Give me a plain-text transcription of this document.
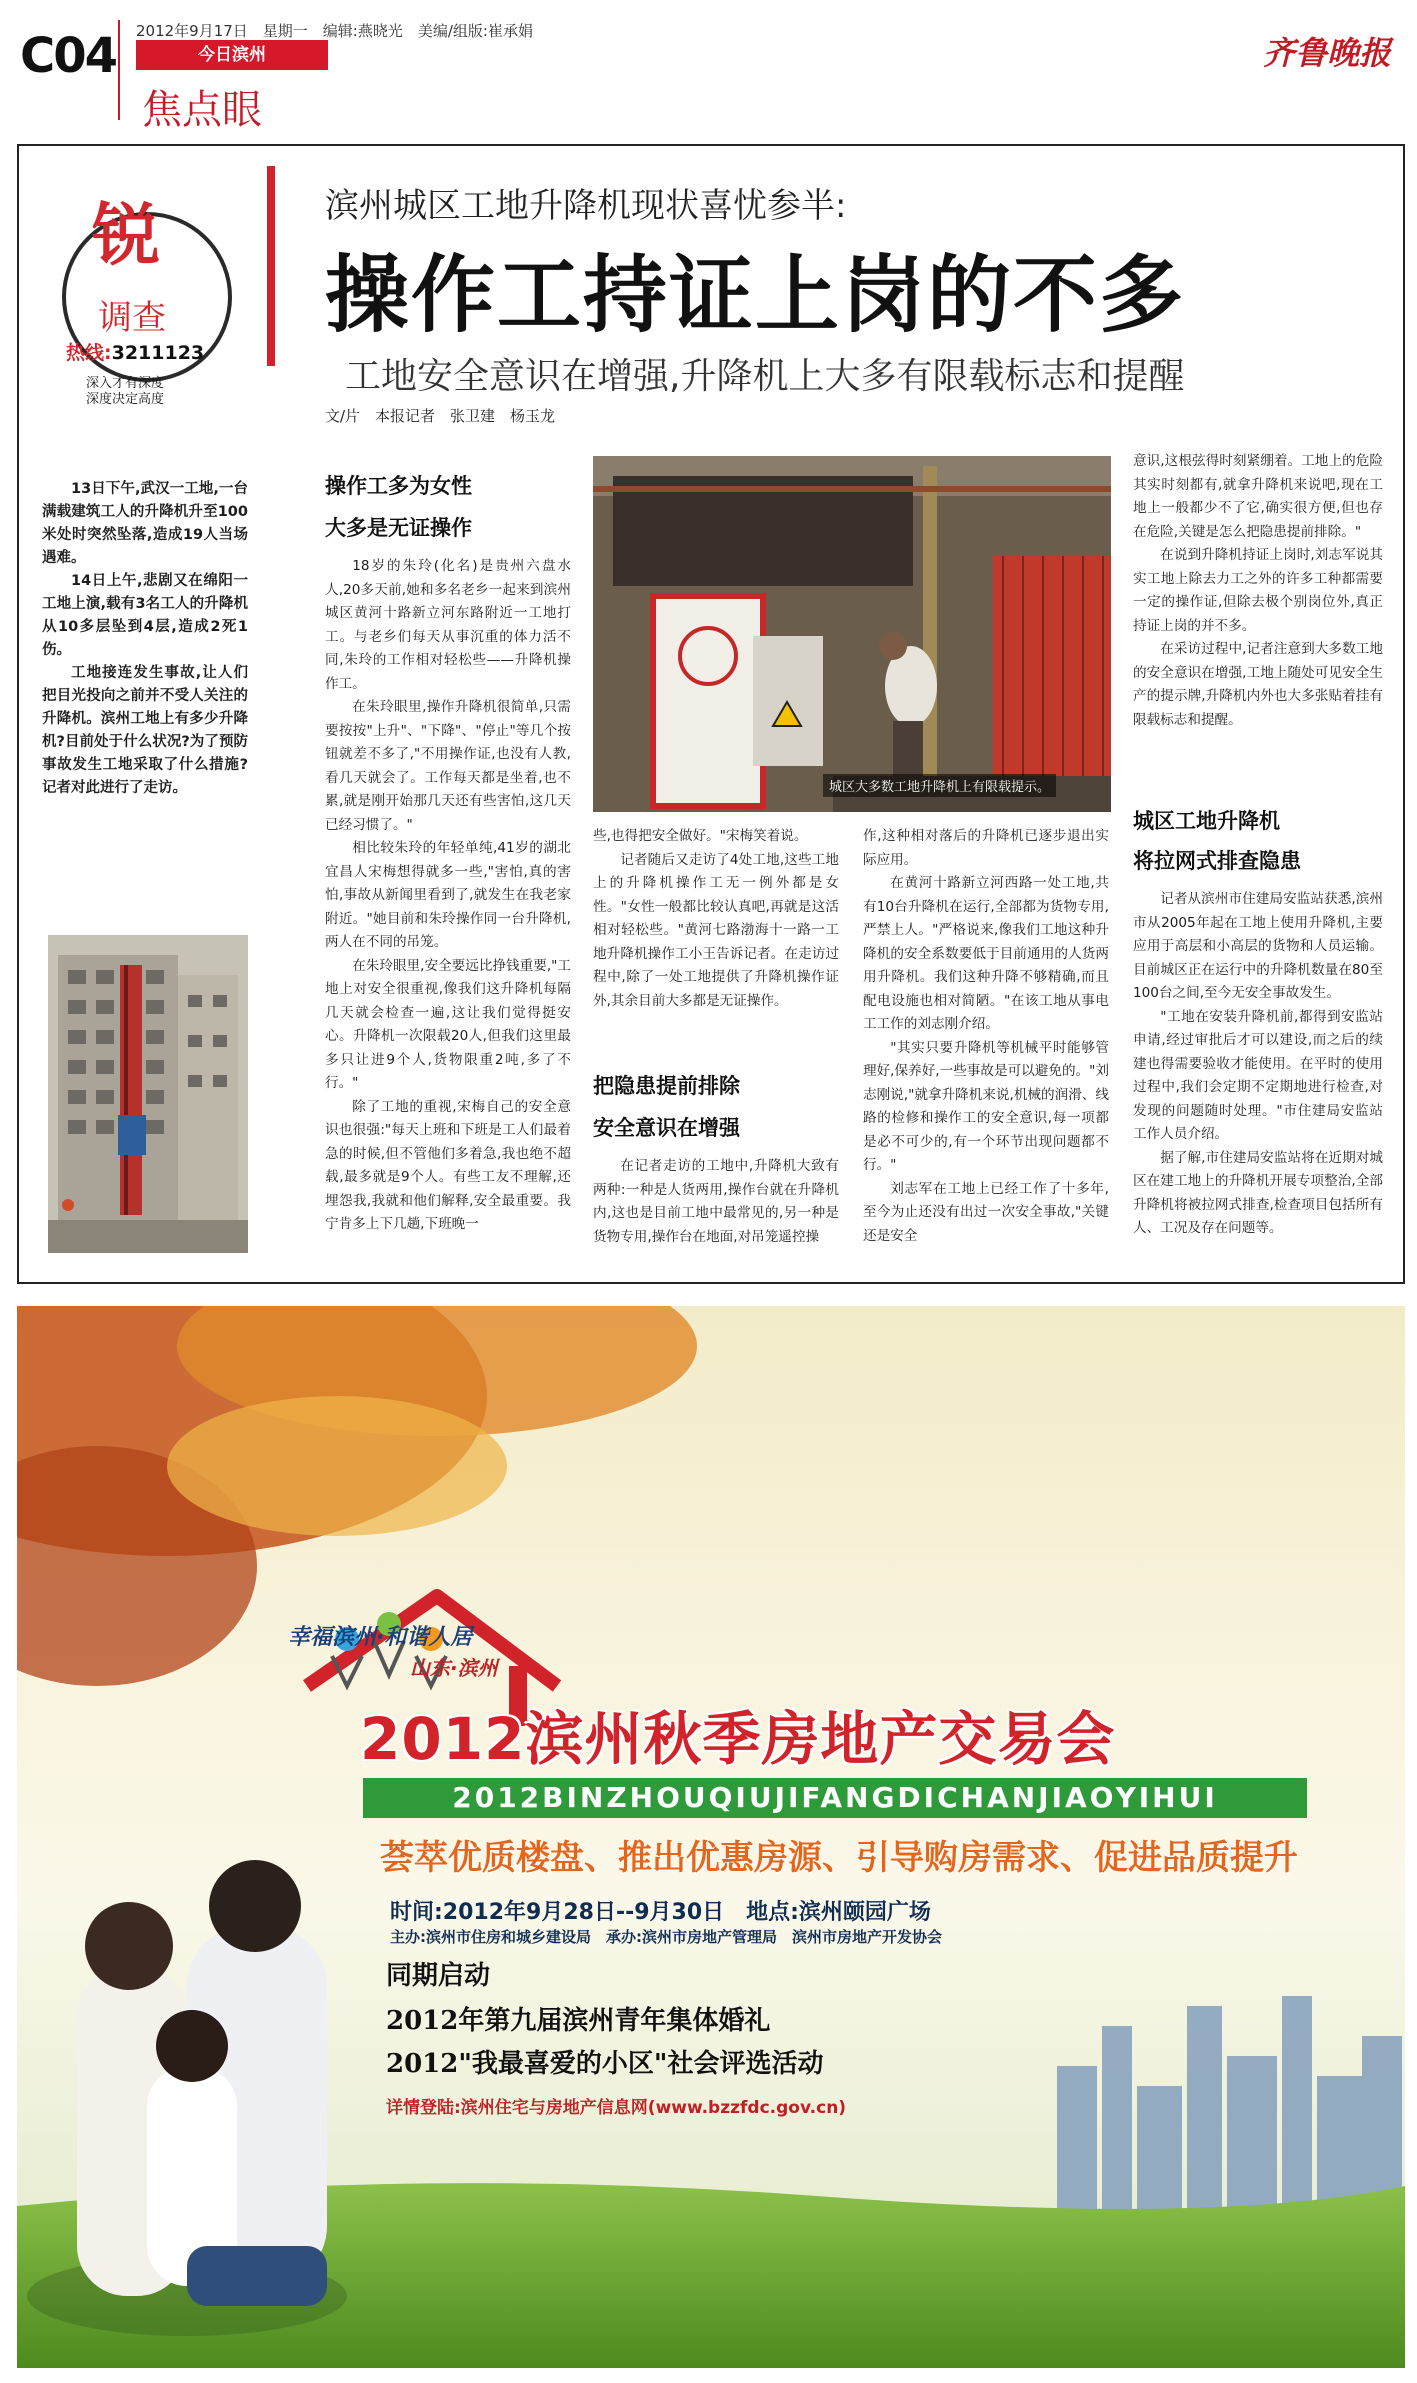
C04 2012年9月17日　星期一　编辑:燕晓光　美编/组版:崔承娟
今日滨州
焦点眼
齐鲁晚报
锐
调查
热线:3211123
深入才有深度
深度决定高度
滨州城区工地升降机现状喜忧参半:
操作工持证上岗的不多
工地安全意识在增强,升降机上大多有限载标志和提醒
文/片　本报记者　张卫建　杨玉龙

13日下午,武汉一工地,一台满载建筑工人的升降机升至100米处时突然坠落,造成19人当场遇难。

14日上午,悲剧又在绵阳一工地上演,载有3名工人的升降机从10多层坠到4层,造成2死1伤。

工地接连发生事故,让人们把目光投向之前并不受人关注的升降机。滨州工地上有多少升降机?目前处于什么状况?为了预防事故发生工地采取了什么措施?记者对此进行了走访。

操作工多为女性
大多是无证操作

18岁的朱玲(化名)是贵州六盘水人,20多天前,她和多名老乡一起来到滨州城区黄河十路新立河东路附近一工地打工。与老乡们每天从事沉重的体力活不同,朱玲的工作相对轻松些——升降机操作工。

在朱玲眼里,操作升降机很简单,只需要按按"上升"、"下降"、"停止"等几个按钮就差不多了,"不用操作证,也没有人教,看几天就会了。工作每天都是坐着,也不累,就是刚开始那几天还有些害怕,这几天已经习惯了。"

相比较朱玲的年轻单纯,41岁的湖北宜昌人宋梅想得就多一些,"害怕,真的害怕,事故从新闻里看到了,就发生在我老家附近。"她目前和朱玲操作同一台升降机,两人在不同的吊笼。

在朱玲眼里,安全要远比挣钱重要,"工地上对安全很重视,像我们这升降机每隔几天就会检查一遍,这让我们觉得挺安心。升降机一次限载20人,但我们这里最多只让进9个人,货物限重2吨,多了不行。"

除了工地的重视,宋梅自己的安全意识也很强:"每天上班和下班是工人们最着急的时候,但不管他们多着急,我也绝不超载,最多就是9个人。有些工友不理解,还埋怨我,我就和他们解释,安全最重要。我宁肯多上下几趟,下班晚一

城区大多数工地升降机上有限载提示。

些,也得把安全做好。"宋梅笑着说。

记者随后又走访了4处工地,这些工地上的升降机操作工无一例外都是女性。"女性一般都比较认真吧,再就是这活相对轻松些。"黄河七路渤海十一路一工地升降机操作工小王告诉记者。在走访过程中,除了一处工地提供了升降机操作证外,其余目前大多都是无证操作。

把隐患提前排除
安全意识在增强

在记者走访的工地中,升降机大致有两种:一种是人货两用,操作台就在升降机内,这也是目前工地中最常见的,另一种是货物专用,操作台在地面,对吊笼遥控操

作,这种相对落后的升降机已逐步退出实际应用。

在黄河十路新立河西路一处工地,共有10台升降机在运行,全部都为货物专用,严禁上人。"严格说来,像我们工地这种升降机的安全系数要低于目前通用的人货两用升降机。我们这种升降不够精确,而且配电设施也相对简陋。"在该工地从事电工工作的刘志刚介绍。

"其实只要升降机等机械平时能够管理好,保养好,一些事故是可以避免的。"刘志刚说,"就拿升降机来说,机械的润滑、线路的检修和操作工的安全意识,每一项都是必不可少的,有一个环节出现问题都不行。"

刘志军在工地上已经工作了十多年,至今为止还没有出过一次安全事故,"关键还是安全

意识,这根弦得时刻紧绷着。工地上的危险其实时刻都有,就拿升降机来说吧,现在工地上一般都少不了它,确实很方便,但也存在危险,关键是怎么把隐患提前排除。"

在说到升降机持证上岗时,刘志军说其实工地上除去力工之外的许多工种都需要一定的操作证,但除去极个别岗位外,真正持证上岗的并不多。

在采访过程中,记者注意到大多数工地的安全意识在增强,工地上随处可见安全生产的提示牌,升降机内外也大多张贴着挂有限载标志和提醒。

城区工地升降机
将拉网式排查隐患

记者从滨州市住建局安监站获悉,滨州市从2005年起在工地上使用升降机,主要应用于高层和小高层的货物和人员运输。目前城区正在运行中的升降机数量在80至100台之间,至今无安全事故发生。

"工地在安装升降机前,都得到安监站申请,经过审批后才可以建设,而之后的续建也得需要验收才能使用。在平时的使用过程中,我们会定期不定期地进行检查,对发现的问题随时处理。"市住建局安监站工作人员介绍。

据了解,市住建局安监站将在近期对城区在建工地上的升降机开展专项整治,全部升降机将被拉网式排查,检查项目包括所有人、工况及存在问题等。

幸福滨州·和谐人居
山东·滨州
2012滨州秋季房地产交易会
2012BINZHOUQIUJIFANGDICHANJIAOYIHUI
荟萃优质楼盘、推出优惠房源、引导购房需求、促进品质提升
时间:2012年9月28日--9月30日　地点:滨州颐园广场
主办:滨州市住房和城乡建设局　承办:滨州市房地产管理局　滨州市房地产开发协会
同期启动
2012年第九届滨州青年集体婚礼
2012"我最喜爱的小区"社会评选活动
详情登陆:滨州住宅与房地产信息网(www.bzzfdc.gov.cn)
